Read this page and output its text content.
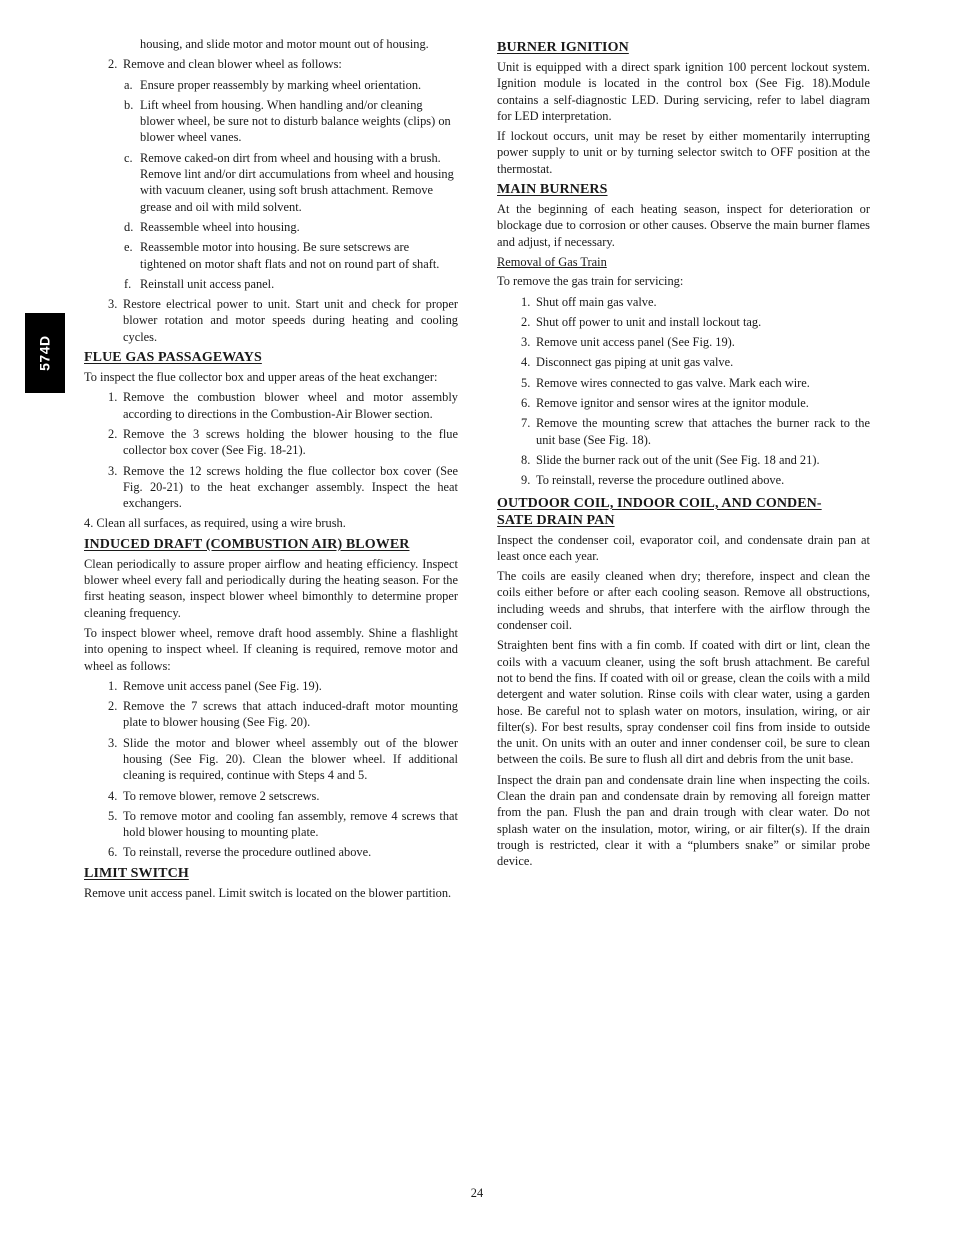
574D

housing, and slide motor and motor mount out of housing.

2. Remove and clean blower wheel as follows:
a. Ensure proper reassembly by marking wheel orientation.
b. Lift wheel from housing. When handling and/or cleaning blower wheel, be sure not to disturb balance weights (clips) on blower wheel vanes.
c. Remove caked‑on dirt from wheel and housing with a brush. Remove lint and/or dirt accumulations from wheel and housing with vacuum cleaner, using soft brush attachment. Remove grease and oil with mild solvent.
d. Reassemble wheel into housing.
e. Reassemble motor into housing. Be sure setscrews are tightened on motor shaft flats and not on round part of shaft.
f. Reinstall unit access panel.
3. Restore electrical power to unit. Start unit and check for proper blower rotation and motor speeds during heating and cooling cycles.
FLUE GAS PASSAGEWAYS

To inspect the flue collector box and upper areas of the heat exchanger:

1. Remove the combustion blower wheel and motor assembly according to directions in the Combustion‑Air Blower section.
2. Remove the 3 screws holding the blower housing to the flue collector box cover (See Fig. 18‑21).
3. Remove the 12 screws holding the flue collector box cover (See Fig. 20‑21) to the heat exchanger assembly. Inspect the heat exchangers.

4. Clean all surfaces, as required, using a wire brush.

INDUCED DRAFT (COMBUSTION AIR) BLOWER

Clean periodically to assure proper airflow and heating efficiency. Inspect blower wheel every fall and periodically during the heating season. For the first heating season, inspect blower wheel bimonthly to determine proper cleaning frequency.

To inspect blower wheel, remove draft hood assembly. Shine a flashlight into opening to inspect wheel. If cleaning is required, remove motor and wheel as follows:

1. Remove unit access panel (See Fig. 19).
2. Remove the 7 screws that attach induced‑draft motor mounting plate to blower housing (See Fig. 20).
3. Slide the motor and blower wheel assembly out of the blower housing (See Fig. 20). Clean the blower wheel. If additional cleaning is required, continue with Steps 4 and 5.
4. To remove blower, remove 2 setscrews.
5. To remove motor and cooling fan assembly, remove 4 screws that hold blower housing to mounting plate.
6. To reinstall, reverse the procedure outlined above.
LIMIT SWITCH

Remove unit access panel. Limit switch is located on the blower partition.

BURNER IGNITION

Unit is equipped with a direct spark ignition 100 percent lockout system. Ignition module is located in the control box (See Fig. 18).Module contains a self‑diagnostic LED. During servicing, refer to label diagram for LED interpretation.

If lockout occurs, unit may be reset by either momentarily interrupting power supply to unit or by turning selector switch to OFF position at the thermostat.

MAIN BURNERS

At the beginning of each heating season, inspect for deterioration or blockage due to corrosion or other causes. Observe the main burner flames and adjust, if necessary.

Removal of Gas Train

To remove the gas train for servicing:

1. Shut off main gas valve.
2. Shut off power to unit and install lockout tag.
3. Remove unit access panel (See Fig. 19).
4. Disconnect gas piping at unit gas valve.
5. Remove wires connected to gas valve. Mark each wire.
6. Remove ignitor and sensor wires at the ignitor module.
7. Remove the mounting screw that attaches the burner rack to the unit base (See Fig. 18).
8. Slide the burner rack out of the unit (See Fig. 18 and 21).
9. To reinstall, reverse the procedure outlined above.
OUTDOOR COIL, INDOOR COIL, AND CONDEN-
SATE DRAIN PAN

Inspect the condenser coil, evaporator coil, and condensate drain pan at least once each year.

The coils are easily cleaned when dry; therefore, inspect and clean the coils either before or after each cooling season. Remove all obstructions, including weeds and shrubs, that interfere with the airflow through the condenser coil.

Straighten bent fins with a fin comb. If coated with dirt or lint, clean the coils with a vacuum cleaner, using the soft brush attachment. Be careful not to bend the fins. If coated with oil or grease, clean the coils with a mild detergent and water solution. Rinse coils with clear water, using a garden hose. Be careful not to splash water on motors, insulation, wiring, or air filter(s). For best results, spray condenser coil fins from inside to outside the unit. On units with an outer and inner condenser coil, be sure to clean between the coils. Be sure to flush all dirt and debris from the unit base.

Inspect the drain pan and condensate drain line when inspecting the coils. Clean the drain pan and condensate drain by removing all foreign matter from the pan. Flush the pan and drain trough with clear water. Do not splash water on the insulation, motor, wiring, or air filter(s). If the drain trough is restricted, clear it with a “plumbers snake” or similar probe device.

24
